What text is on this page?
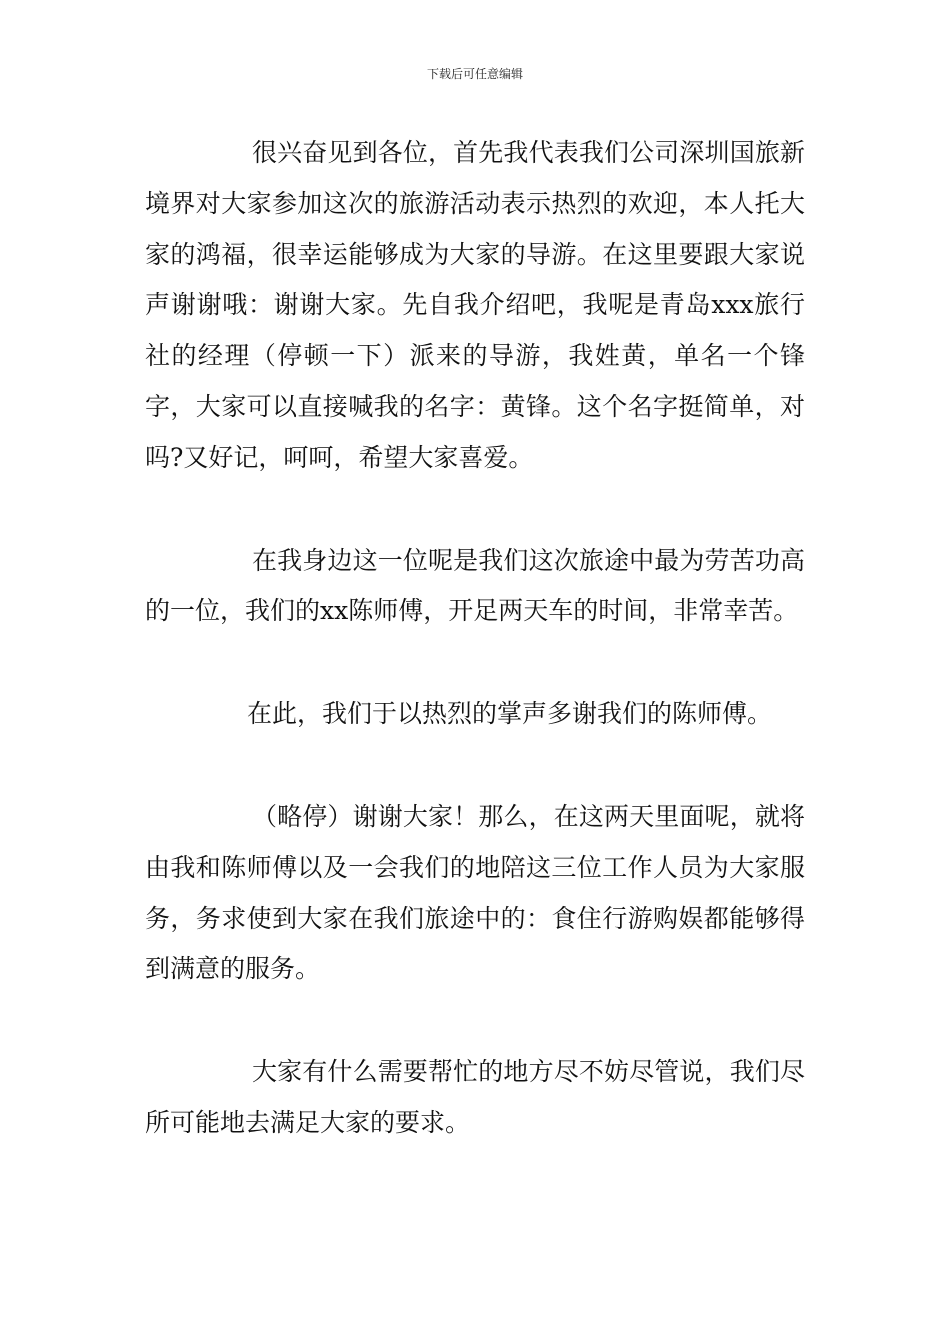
下载后可任意编辑

很兴奋见到各位，首先我代表我们公司深圳国旅新境界对大家参加这次的旅游活动表示热烈的欢迎，本人托大家的鸿福，很幸运能够成为大家的导游。在这里要跟大家说声谢谢哦：谢谢大家。先自我介绍吧，我呢是青岛xxx旅行社的经理（停顿一下）派来的导游，我姓黄，单名一个锋字，大家可以直接喊我的名字：黄锋。这个名字挺简单，对吗?又好记，呵呵，希望大家喜爱。

在我身边这一位呢是我们这次旅途中最为劳苦功高的一位，我们的xx陈师傅，开足两天车的时间，非常幸苦。

在此，我们于以热烈的掌声多谢我们的陈师傅。

（略停）谢谢大家！那么，在这两天里面呢，就将由我和陈师傅以及一会我们的地陪这三位工作人员为大家服务，务求使到大家在我们旅途中的：食住行游购娱都能够得到满意的服务。

大家有什么需要帮忙的地方尽不妨尽管说，我们尽所可能地去满足大家的要求。
